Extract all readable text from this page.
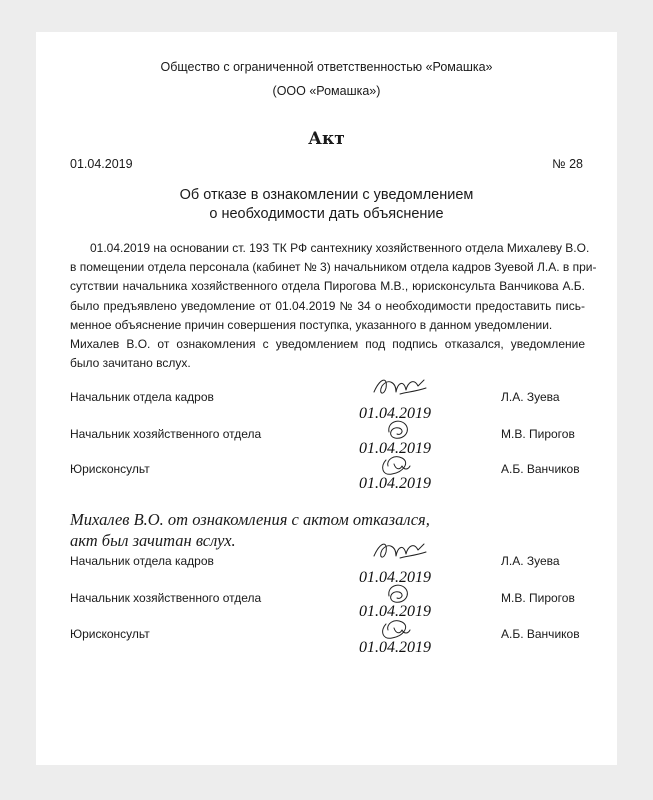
Общество с ограниченной ответственностью «Ромашка»
(ООО «Ромашка»)
Акт
01.04.2019	№ 28
Об отказе в ознакомлении с уведомлением
о необходимости дать объяснение
01.04.2019 на основании ст. 193 ТК РФ сантехнику хозяйственного отдела Михалеву В.О.
в помещении отдела персонала (кабинет № 3) начальником отдела кадров Зуевой Л.А. в при-
сутствии начальника хозяйственного отдела Пирогова М.В., юрисконсульта Ванчикова А.Б.
было предъявлено уведомление от 01.04.2019 № 34 о необходимости предоставить пись-
менное объяснение причин совершения поступка, указанного в данном уведомлении.
Михалев В.О. от ознакомления с уведомлением под подпись отказался, уведомление
было зачитано вслух.
Начальник отдела кадров
01.04.2019
Л.А. Зуева
Начальник хозяйственного отдела
01.04.2019
М.В. Пирогов
Юрисконсульт
01.04.2019
А.Б. Ванчиков
Михалев В.О. от ознакомления с актом отказался,
акт был зачитан вслух.
Начальник отдела кадров
01.04.2019
Л.А. Зуева
Начальник хозяйственного отдела
01.04.2019
М.В. Пирогов
Юрисконсульт
01.04.2019
А.Б. Ванчиков
